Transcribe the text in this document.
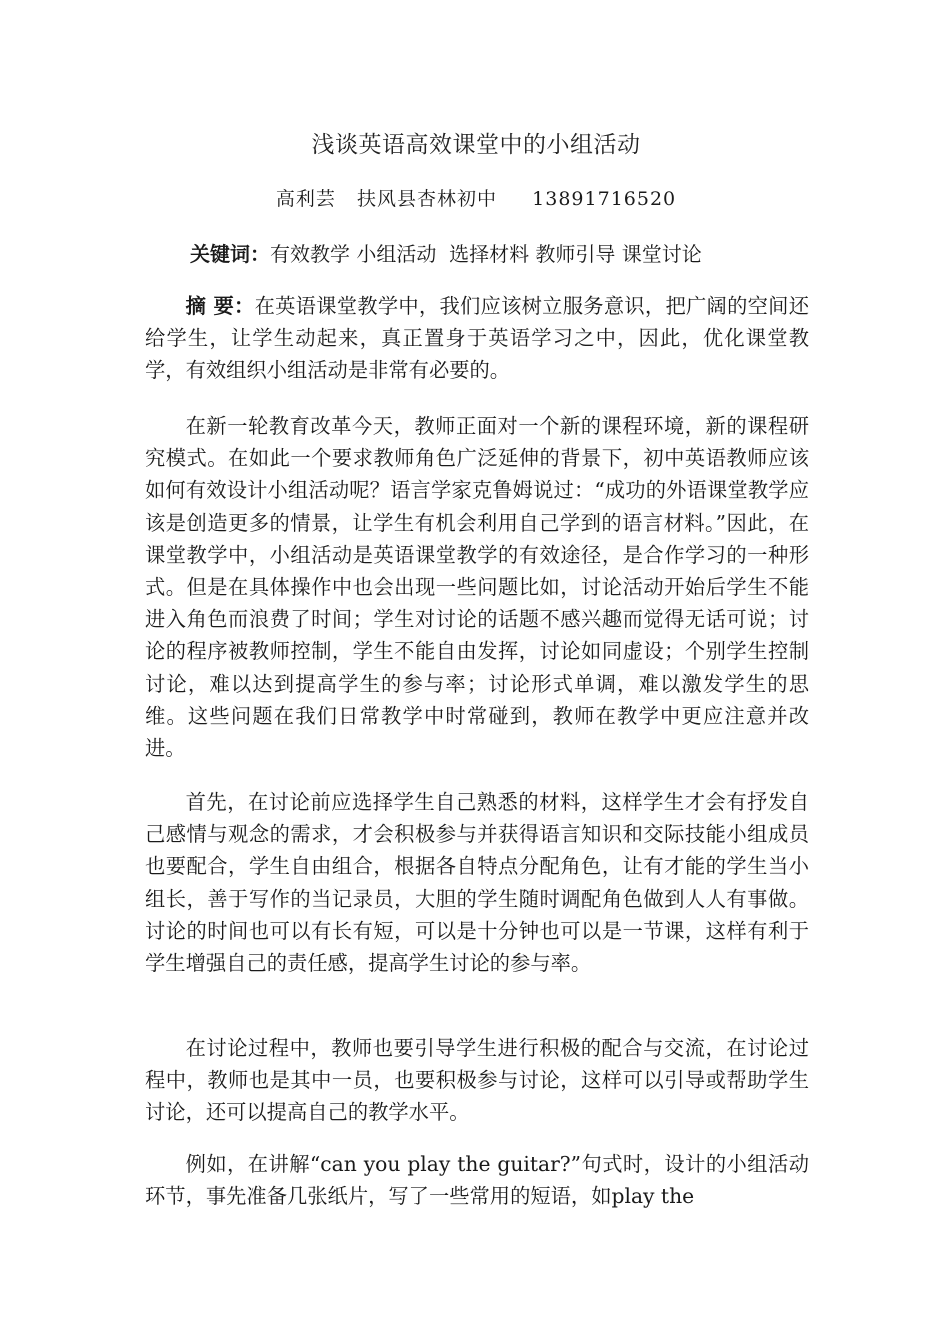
浅谈英语高效课堂中的小组活动
高利芸   扶风县杏林初中     13891716520
关键词：有效教学 小组活动  选择材料 教师引导 课堂讨论
摘 要：在英语课堂教学中，我们应该树立服务意识，把广阔的空间还给学生，让学生动起来，真正置身于英语学习之中，因此，优化课堂教学，有效组织小组活动是非常有必要的。
在新一轮教育改革今天，教师正面对一个新的课程环境，新的课程研究模式。在如此一个要求教师角色广泛延伸的背景下，初中英语教师应该如何有效设计小组活动呢？语言学家克鲁姆说过：“成功的外语课堂教学应该是创造更多的情景，让学生有机会利用自己学到的语言材料。”因此，在课堂教学中，小组活动是英语课堂教学的有效途径，是合作学习的一种形式。但是在具体操作中也会出现一些问题比如，讨论活动开始后学生不能进入角色而浪费了时间；学生对讨论的话题不感兴趣而觉得无话可说；讨论的程序被教师控制，学生不能自由发挥，讨论如同虚设；个别学生控制讨论，难以达到提高学生的参与率；讨论形式单调，难以激发学生的思维。这些问题在我们日常教学中时常碰到，教师在教学中更应注意并改进。
首先，在讨论前应选择学生自己熟悉的材料，这样学生才会有抒发自己感情与观念的需求，才会积极参与并获得语言知识和交际技能小组成员也要配合，学生自由组合，根据各自特点分配角色，让有才能的学生当小组长，善于写作的当记录员，大胆的学生随时调配角色做到人人有事做。讨论的时间也可以有长有短，可以是十分钟也可以是一节课，这样有利于学生增强自己的责任感，提高学生讨论的参与率。
在讨论过程中，教师也要引导学生进行积极的配合与交流，在讨论过程中，教师也是其中一员，也要积极参与讨论，这样可以引导或帮助学生讨论，还可以提高自己的教学水平。
例如，在讲解“can you play the guitar?”句式时，设计的小组活动环节，事先准备几张纸片，写了一些常用的短语，如play the
